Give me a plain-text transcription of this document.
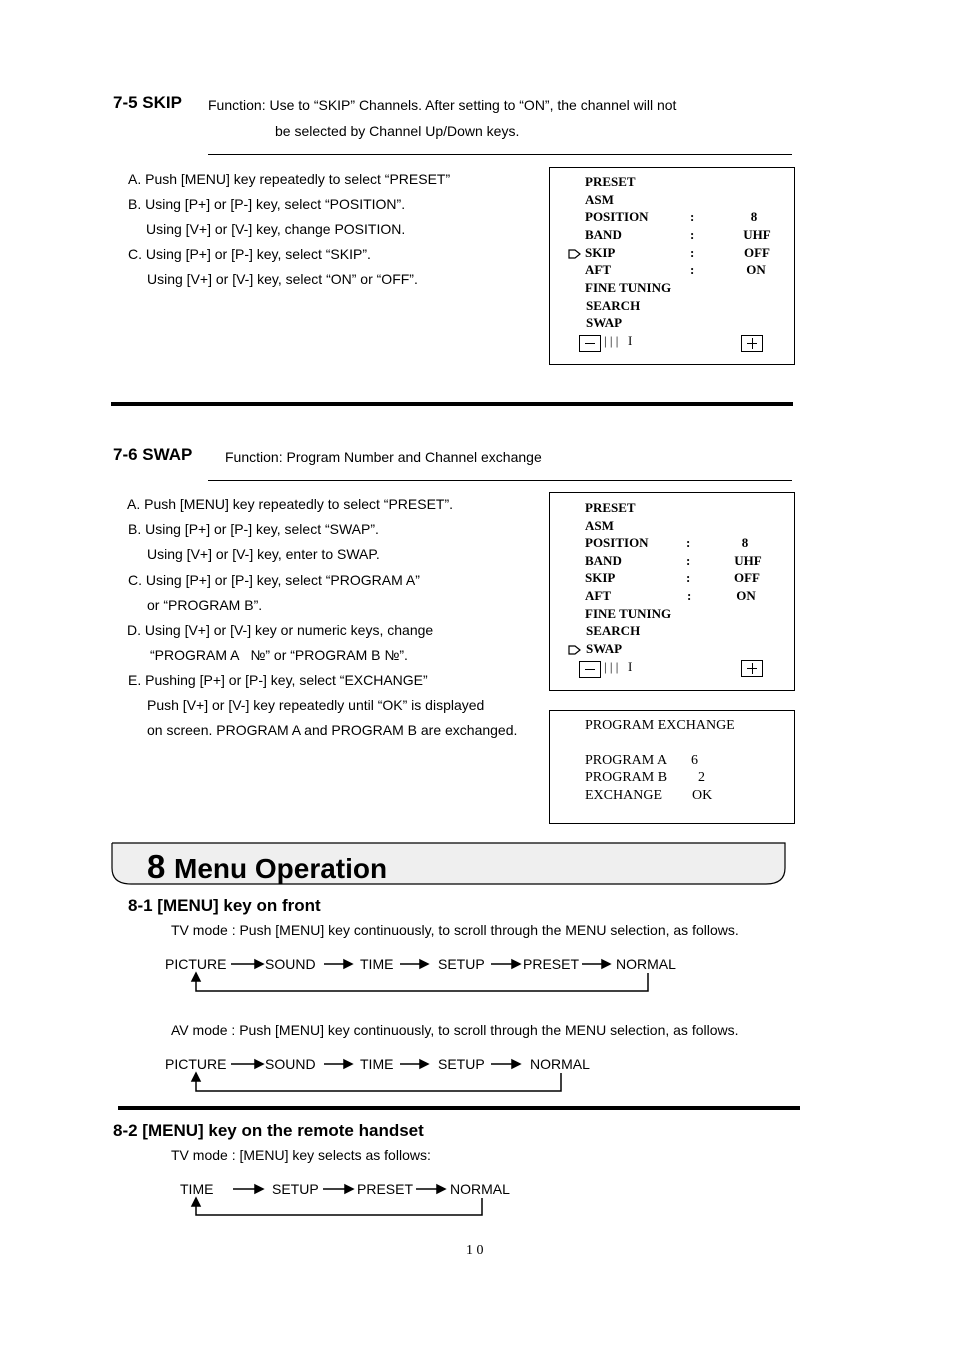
7-5 SKIP Function: Use to “SKIP” Channels. After setting to “ON”, the channel will not
be selected by Channel Up/Down keys.
A. Push [MENU] key repeatedly to select “PRESET”
B. Using [P+] or [P-] key, select “POSITION”.
Using [V+] or [V-] key, change POSITION.
C. Using [P+] or [P-] key, select “SKIP”.
Using [V+] or [V-] key, select “ON” or “OFF”.
PRESET
ASM
POSITION	:	8
BAND	:	UHF
SKIP	:	OFF
AFT	:	ON
FINE TUNING
SEARCH
SWAP
| | |   I
7-6 SWAP Function: Program Number and Channel exchange
A. Push [MENU] key repeatedly to select “PRESET”.
B. Using [P+] or [P-] key, select “SWAP”.
Using [V+] or [V-] key, enter to SWAP.
C. Using [P+] or [P-] key, select “PROGRAM A”
or “PROGRAM B”.
D. Using [V+] or [V-] key or numeric keys, change
“PROGRAM A   №” or “PROGRAM B №”.
E. Pushing [P+] or [P-] key, select “EXCHANGE”
Push [V+] or [V-] key repeatedly until “OK” is displayed
on screen. PROGRAM A and PROGRAM B are exchanged.
PRESET
ASM
POSITION	:	8
BAND	:	UHF
SKIP	:	OFF
AFT	:	ON
FINE TUNING
SEARCH
SWAP
| | |   I
PROGRAM EXCHANGE
PROGRAM A 6
PROGRAM B 2
EXCHANGE OK
8 Menu Operation
8-1 [MENU] key on front
TV mode : Push [MENU] key continuously, to scroll through the MENU selection, as follows.
PICTURE	SOUND	TIME	SETUP	PRESET	NORMAL
AV mode : Push [MENU] key continuously, to scroll through the MENU selection, as follows.
PICTURE	SOUND	TIME	SETUP	NORMAL
8-2 [MENU] key on the remote handset
TV mode : [MENU] key selects as follows:
TIME	SETUP	PRESET	NORMAL
1 0
